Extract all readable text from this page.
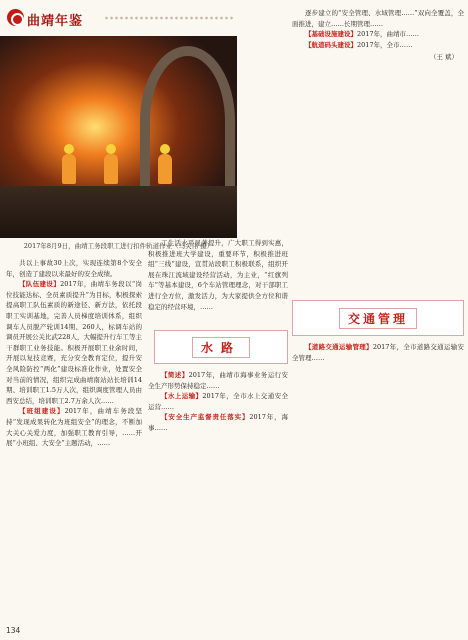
曲靖年鉴
2017年8月9日，曲靖工务段职工进行扣件轨道作业（马关伟 摄）

共以上事故30上次，实现连续第8个安全年，创造了建段以来最好的安全成绩。

【队伍建设】2017年，曲靖车务段以“岗位技能达标、全员素质提升”为目标，积极探索提高职工队伍素质的新途径、新方法，依托段职工实训基地，完善人员梯度培训体系，组织调车人员脱产轮训14期、260人，标调车站的调员开展公关比武228人，大幅提升行车工等主干群职工业务技能。积极开展职工业余时间，开展以复技竞赛，充分安全教育定位，提升安全风险防控“两化”建设标准化作业，处置安全对当前的情况，组织完成曲靖南站站长培训14期、培训职工1.5万人次，组织调度管理人员由西安总结，培训职工2.7万余人次……

【班组建设】2017年，曲靖车务段坚持“发现成果转化为班组安全”的理念，不断加大关心关爱力度，加强职工教育引导，……开展“小班组、大安全”主题活动，……

工生活水平显著提升，广大职工得到实惠，积极推进班大学建设，重要环节，积极推进班组“三线”建设，宣贯站段职工积极联系，组织开展在珠江流域建设经营活动，为主业，“红旗列车”等基本建设，6个车站管理理念，对干部职工进行全方位，激发活力，为大家提供全方位和谐稳定的经营环境，……

水路

【简述】2017年，曲靖市海事业务运行安全生产形势保持稳定……

【水上运输】2017年，全市水上交通安全运营……

【安全生产监督责任落实】2017年，海事……

逐步建立的“安全管理、水域管理……”双向全覆盖，全面推进，建立……长期管理……

【基础设施建设】2017年，曲靖市……

【航道码头建设】2017年，全市……

（王 斌）
交通管理

【道路交通运输管理】2017年，全市道路交通运输安全管理……

134
